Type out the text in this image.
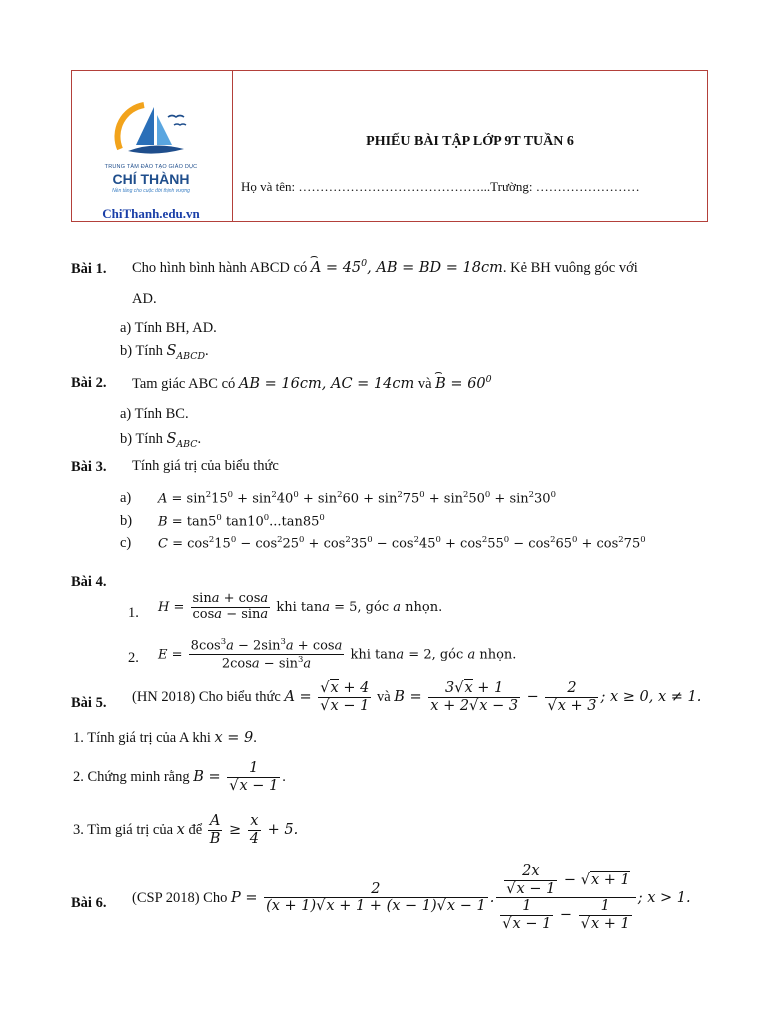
TRUNG TÂM ĐÀO TẠO GIÁO DỤC
CHÍ THÀNH
Nền tảng cho cuộc đời thịnh vượng
ChiThanh.edu.vn
PHIẾU BÀI TẬP LỚP 9T TUẦN 6
Họ và tên: ……………………………………...Trường: ……………………
Bài 1. Cho hình bình hành ABCD có ⌢ $A = 45^0$, AB = BD = 18cm. Kẻ BH vuông góc với
AD.
a) Tính BH, AD.
b) Tính $S_{ABCD}$.
Bài 2. Tam giác ABC có AB = 16cm, AC = 14cm và ⌢ $B = 60^0$
a) Tính BC.
b) Tính $S_{ABC}$.
Bài 3. Tính giá trị của biểu thức
a) $A = \sin^215^0 + \sin^240^0 + \sin^260 + \sin^275^0 + \sin^250^0 + \sin^230^0$
b) $B = \tan 5^0$ $\tan 10^0...\tan 85^0$
c) $C = \cos^215^0 - \cos^225^0 + \cos^235^0 - \cos^245^0 + \cos^255^0 - \cos^265^0 + \cos^275^0$
Bài 4.
1. $H = \frac{\sin a + \cos a}{\cos a - \sin a}$ khi tana = 5, góc a nhọn.
2. $E = \frac{8\cos^3a - 2\sin^3a + \cos a}{2\cos a - \sin^3a}$ khi tana = 2, góc a nhọn.
Bài 5. (HN 2018) Cho biểu thức $A = \frac{√x + 4}{√x - 1}$ và $B = \frac{3√x + 1}{x + 2√x - 3} - \frac{2}{√x + 3}$ ; x ≥ 0, x ≠ 1.
1. Tính giá trị của A khi x = 9.
2. Chứng minh rằng $B = \frac{1}{√x - 1}$ .
3. Tìm giá trị của x để $\frac{A}{B} \ge \frac{x}{4} + 5$.
Bài 6. (CSP 2018) Cho $P = \frac{2}{(x + 1)√x + 1 + (x - 1)√x - 1}$ . $\frac{\frac{2x}{√x - 1} - √x + 1}{\frac{1}{√x - 1} - \frac{1}{√x + 1}}$ ; x > 1.
